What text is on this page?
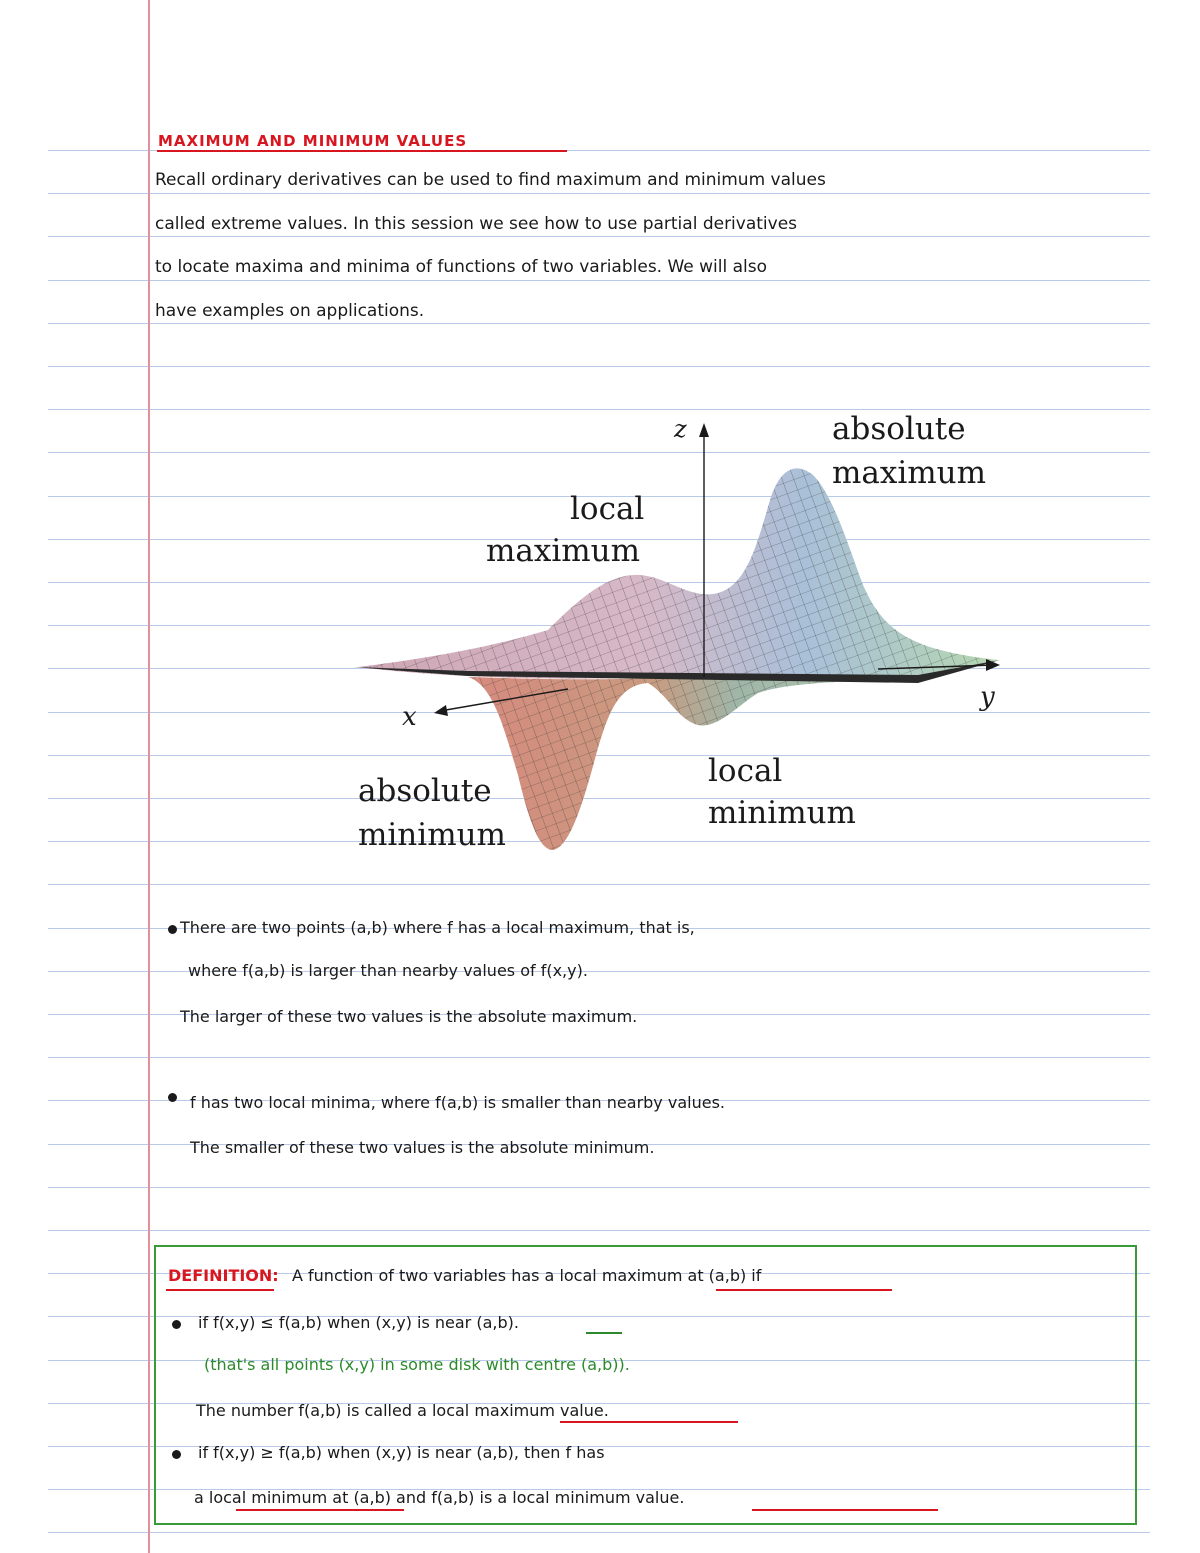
MAXIMUM AND MINIMUM VALUES
Recall ordinary derivatives can be used to find maximum and minimum values
called extreme values. In this session we see how to use partial derivatives
to locate maxima and minima of functions of two variables. We will also
have examples on applications.
z
y
x
absolute
maximum
local
maximum
absolute
minimum
local
minimum
There are two points (a,b) where f has a local maximum, that is,
where f(a,b) is larger than nearby values of f(x,y).
The larger of these two values is the absolute maximum.
f has two local minima, where f(a,b) is smaller than nearby values.
The smaller of these two values is the absolute minimum.
DEFINITION: A function of two variables has a local maximum at (a,b) if
if f(x,y) ≤ f(a,b) when (x,y) is near (a,b).
(that's all points (x,y) in some disk with centre (a,b)).
The number f(a,b) is called a local maximum value.
if f(x,y) ≥ f(a,b) when (x,y) is near (a,b), then f has
a local minimum at (a,b) and f(a,b) is a local minimum value.
